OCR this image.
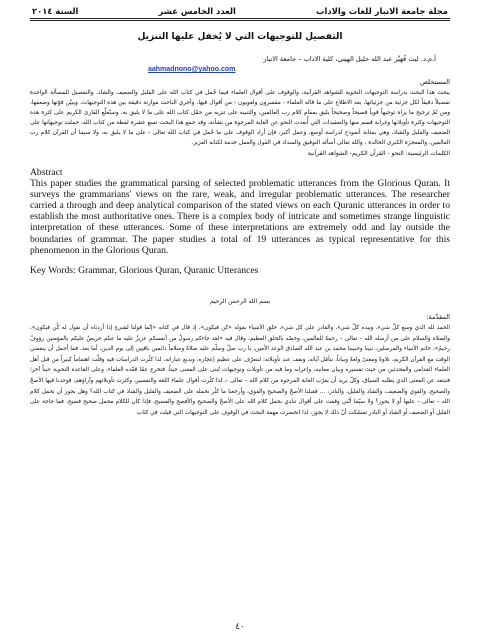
مجلة جامعة الانبار للغات والاداب
العدد الخامس عشر
السنة ٢٠١٤
التفصيل للتوجيهات التي لا يُخفل عليها التنزيل
أ.م.د. ليث قُهَيْر عبد الله خليل الهيتي، كلية الاداب – جامعة الانبار
aahmadnono@yahoo.com
المستخلص
يبحث هذا البحث بدراسة التوجيهات النحوية للشواهد القرآنية، والوقوف على أقوال العلماء فيما حُمل في كتاب الله على القليل والضعيف والشاذ، والتفصيل للمسألة الواحدة تفصيلاً دقيقاً لكل جزئية من جزئياتها، بعد الاطلاع على ما قاله العلماء - مفسرون ولغويون - من أقوال فيها، وأجري الباحث موازنة دقيقة بين هذه التوجيهات، ويبيّن قوّتها وضعفها، ومن ثَمّ ترجيح ما يراه توجيهاً قوياً فصيحاً وصحيحاً يليق بمقام كلام رب العالمين، والتنبيه على تنزيه من حمّل كتاب الله على ما لا يليق به، وسبّعلّع القارئ الكريم على كثرة هذه التوجيهات وكثرة تأويلاتها وغرابة قسم منها والتعقيدات التي أُبعدت النحو عن الغاية المرجوة من نشأته، وقد جمع هذا البحث تسع عشرة لفظة من كتاب الله، حملت توجيهاتها على الضعيف والقليل والشاذ، وهي بمثابة أنموذج لدراسة أوسع، وعمل أكبر، فإن أراد الوقوف على ما حُمل في كتاب الله تعالى - على ما لا يليق به، ولا سيما أن القرآن كلام رب العالمين، والمعجزة الكبرى الخالدة ، والله تعالى أسأله التوفيق والسداد في القول والعمل خدمة لكتابه العزيز.
الكلمات الرئيسية: النحو - القرآن الكريم- الشواهد القرآنية
Abstract

This paper studies the grammatical parsing of selected problematic utterances from the Glorious Quran. It surveys the grammarians' views on the rare, weak, and irregular problematic utterances. The researcher carried a through and deep analytical comparison of the stated views on each Quranic utterances in order to establish the most authoritative ones. There is a complex body of intricate and sometimes strange linguistic interpretation of these utterances. Some of these interpretations are extremely odd and lay outside the boundaries of grammar. The paper studies a total of 19 utterances as typical representative for this phenomenon in the Glorious Quran.

Key Words: Grammar, Glorious Quran, Quranic Utterances
بسم الله الرحمن الرحيم
المقدّمة:
الحمد لله الذي وسع كلّ شيء، وبيده كلّ شيء، والقادر على كل شيء، خلق الأشياء بقوله «كن فيكون»، إذ قال في كتابه «إنّما قولنا لشيءٍ إذا أردناه أن نقول له كُن فيكون»، والصلاة والسلام على من أرسله الله – تعالى – رحمةً للعالمين، وخصّه بالخلق العظيم، وقال فيه «لقد جاءكم رسولٌ من أنفسكم عزيزٌ عليه ما عنتّم حريصٌ عليكم بالمؤمنين رؤوفٌ رحيمٌ»، خاتم الأنبياء والمرسلين، نبينا وحبيبنا محمد بن عبد الله الصادق الوعد الأمين، يا رب صلّ وسلّم عليه صلاةً وسلاماً دائمين باقيين إلى يوم الدين، أما بعد، فما أجمل أن ينقضي الوقت مع القرآن الكريم، تلاوةً ومعنىً ولغةً وبياناً، نتأمّل آياته، ونقف عند تأويلاته؛ لنتعرّف على عظيم إعجازه، وبديع عباراته، لذا كثُرت الدراسات فيه وقلّت اهتماماً كبيراً من قبل أهل العلماء القدامى والمحدثين من حيث تفسيره وبيان معانيه، وإعرابه وما فيه من تأويلات وتوجيهات تُبنى على المعنى حيناً، فتخرج عمّا قعّده العلماء، وعلى القاعدة النحوية حيناً آخر؛ فتبتعد عن المعنى الذي يطلبه السياق، وكلّ يريد أن يقرّب الغاية المرجوة من كلام الله – تعالى -، لذا كثُرت أقوال علماء اللغة والتفسير، وكثرت تأويلاتهم وآراؤهم، فوجدنا فيها الأصحّ والصحيح، والقوي والضعيف، والشاذ والقليل، والنادر، ... فقبلنا الأصحّ والصحيح والقوي، وأرجعنا ما كثُر نحمله على الضعيف والقليل والشاذ في كتاب الله؟ وهل يجوز أن نحمل كلام الله – تعالى – عليها أو لا يجوز؟ ولا سيّما أنّني وقفت على أقوال تنادي بحمل كلام الله على الأصحّ والصحيح والأفصح والفصيح، فإذا كان للكلام محمل صحيح فصيح، فما حاجة على القليل أو الضعيف أو الشاذ أو النادر تمسّكت أنّ ذلك لا يجوز، لذا انحصرت مهمة البحث في الوقوف على التوجيهات التي قيلت في كتاب
٤٠
